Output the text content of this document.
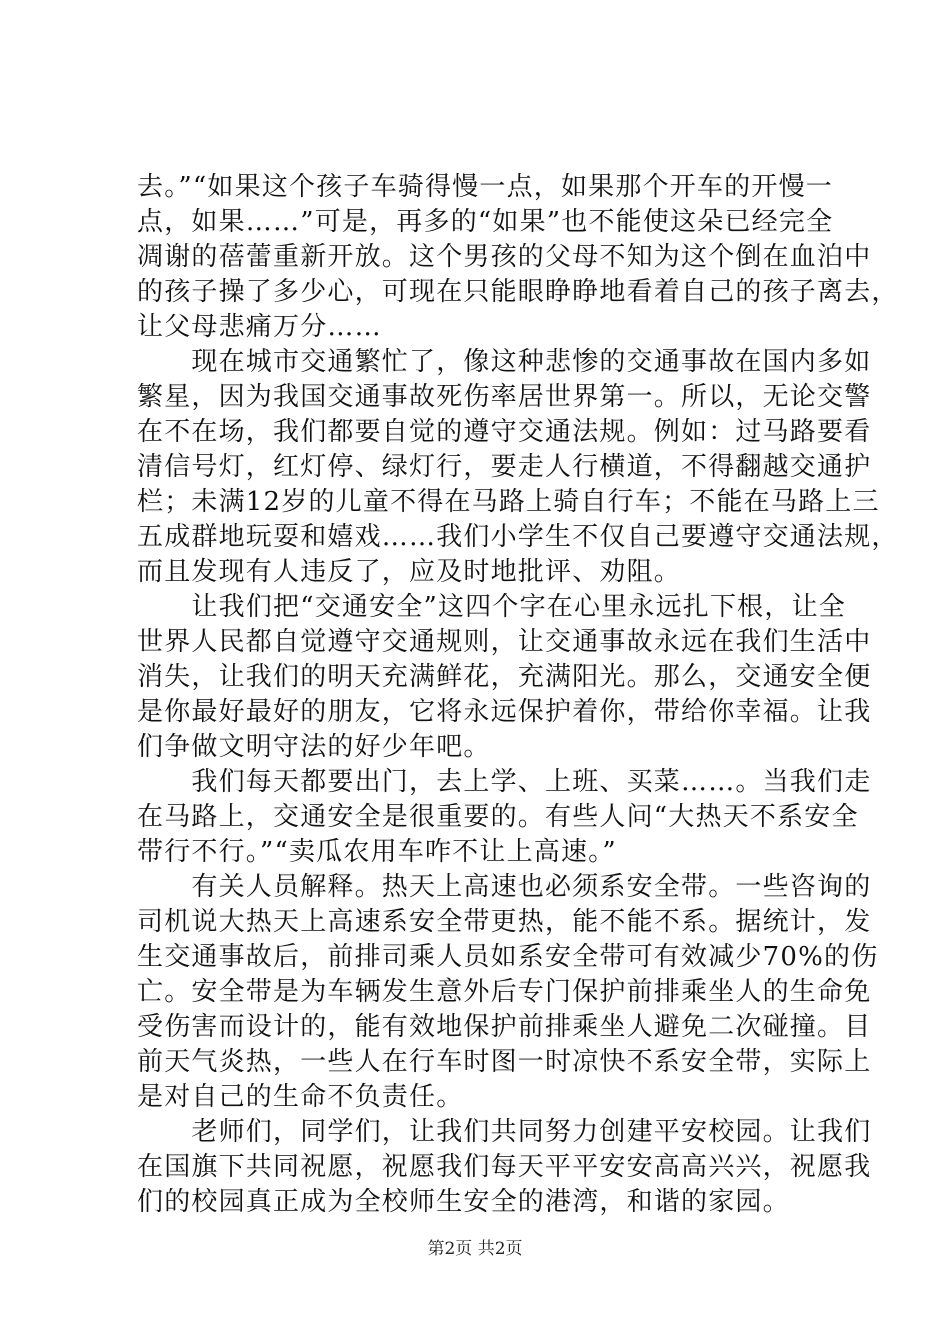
去。”“如果这个孩子车骑得慢一点，如果那个开车的开慢一
点，如果……”可是，再多的“如果”也不能使这朵已经完全
凋谢的蓓蕾重新开放。这个男孩的父母不知为这个倒在血泊中
的孩子操了多少心，可现在只能眼睁睁地看着自己的孩子离去，
让父母悲痛万分……
　　现在城市交通繁忙了，像这种悲惨的交通事故在国内多如
繁星，因为我国交通事故死伤率居世界第一。所以，无论交警
在不在场，我们都要自觉的遵守交通法规。例如：过马路要看
清信号灯，红灯停、绿灯行，要走人行横道，不得翻越交通护
栏；未满12岁的儿童不得在马路上骑自行车；不能在马路上三
五成群地玩耍和嬉戏……我们小学生不仅自己要遵守交通法规，
而且发现有人违反了，应及时地批评、劝阻。
　　让我们把“交通安全”这四个字在心里永远扎下根，让全
世界人民都自觉遵守交通规则，让交通事故永远在我们生活中
消失，让我们的明天充满鲜花，充满阳光。那么，交通安全便
是你最好最好的朋友，它将永远保护着你，带给你幸福。让我
们争做文明守法的好少年吧。
　　我们每天都要出门，去上学、上班、买菜……。当我们走
在马路上，交通安全是很重要的。有些人问“大热天不系安全
带行不行。”“卖瓜农用车咋不让上高速。”
　　有关人员解释。热天上高速也必须系安全带。一些咨询的
司机说大热天上高速系安全带更热，能不能不系。据统计，发
生交通事故后，前排司乘人员如系安全带可有效减少70%的伤
亡。安全带是为车辆发生意外后专门保护前排乘坐人的生命免
受伤害而设计的，能有效地保护前排乘坐人避免二次碰撞。目
前天气炎热，一些人在行车时图一时凉快不系安全带，实际上
是对自己的生命不负责任。
　　老师们，同学们，让我们共同努力创建平安校园。让我们
在国旗下共同祝愿，祝愿我们每天平平安安高高兴兴，祝愿我
们的校园真正成为全校师生安全的港湾，和谐的家园。
第2页 共2页
